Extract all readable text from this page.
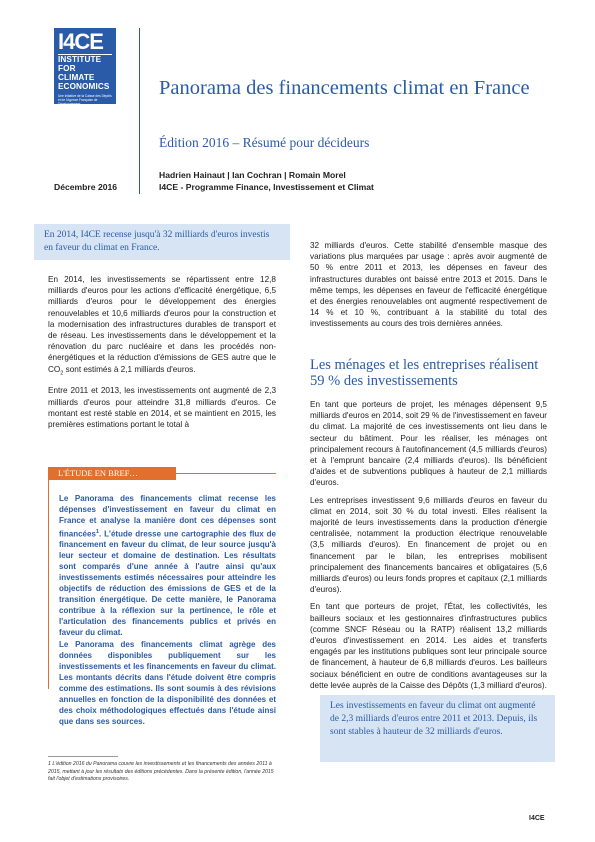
I4CE
INSTITUTE FOR
CLIMATE
ECONOMICS
Une initiative de la Caisse des Dépôts et de l'Agence Française de Développement
Panorama des financements climat en France
Édition 2016 – Résumé pour décideurs
Hadrien Hainaut | Ian Cochran | Romain Morel
I4CE - Programme Finance, Investissement et Climat
Décembre 2016
En 2014, I4CE recense jusqu'à 32 milliards d'euros investis en faveur du climat en France.

En 2014, les investissements se répartissent entre 12,8 milliards d'euros pour les actions d'efficacité énergétique, 6,5 milliards d'euros pour le développement des énergies renouvelables et 10,6 milliards d'euros pour la construction et la modernisation des infrastructures durables de transport et de réseau. Les investissements dans le développement et la rénovation du parc nucléaire et dans les procédés non-énergétiques et la réduction d'émissions de GES autre que le $CO_2$ sont estimés à 2,1 milliards d'euros.

Entre 2011 et 2013, les investissements ont augmenté de 2,3 milliards d'euros pour atteindre 31,8 milliards d'euros. Ce montant est resté stable en 2014, et se maintient en 2015, les premières estimations portant le total à

L'ÉTUDE EN BREF…

Le Panorama des financements climat recense les dépenses d'investissement en faveur du climat en France et analyse la manière dont ces dépenses sont financées$^1$. L'étude dresse une cartographie des flux de financement en faveur du climat, de leur source jusqu'à leur secteur et domaine de destination. Les résultats sont comparés d'une année à l'autre ainsi qu'aux investissements estimés nécessaires pour atteindre les objectifs de réduction des émissions de GES et de la transition énergétique. De cette manière, le Panorama contribue à la réflexion sur la pertinence, le rôle et l'articulation des financements publics et privés en faveur du climat.

Le Panorama des financements climat agrège des données disponibles publiquement sur les investissements et les financements en faveur du climat. Les montants décrits dans l'étude doivent être compris comme des estimations. Ils sont soumis à des révisions annuelles en fonction de la disponibilité des données et des choix méthodologiques effectués dans l'étude ainsi que dans ses sources.

1 L'édition 2016 du Panorama couvre les investissements et les financements des années 2011 à 2015, mettant à jour les résultats des éditions précédentes. Dans la présente édition, l'année 2015 fait l'objet d'estimations provisoires.

32 milliards d'euros. Cette stabilité d'ensemble masque des variations plus marquées par usage : après avoir augmenté de 50 % entre 2011 et 2013, les dépenses en faveur des infrastructures durables ont baissé entre 2013 et 2015. Dans le même temps, les dépenses en faveur de l'efficacité énergétique et des énergies renouvelables ont augmenté respectivement de 14 % et 10 %, contribuant à la stabilité du total des investissements au cours des trois dernières années.

Les ménages et les entreprises réalisent 59 % des investissements

En tant que porteurs de projet, les ménages dépensent 9,5 milliards d'euros en 2014, soit 29 % de l'investissement en faveur du climat. La majorité de ces investissements ont lieu dans le secteur du bâtiment. Pour les réaliser, les ménages ont principalement recours à l'autofinancement (4,5 milliards d'euros) et à l'emprunt bancaire (2,4 milliards d'euros). Ils bénéficient d'aides et de subventions publiques à hauteur de 2,1 milliards d'euros.

Les entreprises investissent 9,6 milliards d'euros en faveur du climat en 2014, soit 30 % du total investi. Elles réalisent la majorité de leurs investissements dans la production d'énergie centralisée, notamment la production électrique renouvelable (3,5 milliards d'euros). En financement de projet ou en financement par le bilan, les entreprises mobilisent principalement des financements bancaires et obligataires (5,6 milliards d'euros) ou leurs fonds propres et capitaux (2,1 milliards d'euros).

En tant que porteurs de projet, l'État, les collectivités, les bailleurs sociaux et les gestionnaires d'infrastructures publics (comme SNCF Réseau ou la RATP) réalisent 13,2 milliards d'euros d'investissement en 2014. Les aides et transferts engagés par les institutions publiques sont leur principale source de financement, à hauteur de 6,8 milliards d'euros. Les bailleurs sociaux bénéficient en outre de conditions avantageuses sur la dette levée auprès de la Caisse des Dépôts (1,3 milliard d'euros).

Les investissements en faveur du climat ont augmenté de 2,3 milliards d'euros entre 2011 et 2013. Depuis, ils sont stables à hauteur de 32 milliards d'euros.
I4CE
